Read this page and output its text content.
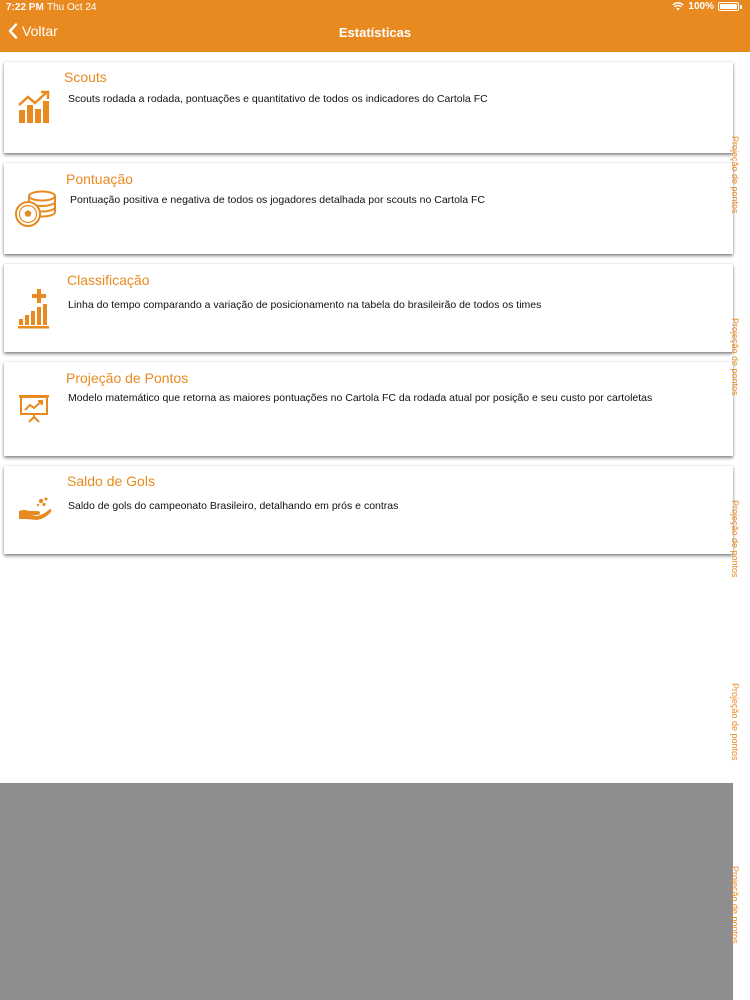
7:22 PM Thu Oct 24	100%
Voltar	Estatísticas
Scouts
Scouts rodada a rodada, pontuações e quantitativo de todos os indicadores do Cartola FC
Pontuação
Pontuação positiva e negativa de todos os jogadores detalhada por scouts no Cartola FC
Classificação
Linha do tempo comparando a variação de posicionamento na tabela do brasileirão de todos os times
Projeção de Pontos
Modelo matemático que retorna as maiores pontuações no Cartola FC da rodada atual por posição e seu custo por cartoletas
Saldo de Gols
Saldo de gols do campeonato Brasileiro, detalhando em prós e contras
Projeção de pontos
Projeção de pontos
Projeção de pontos
Projeção de pontos
Projeção de pontos
